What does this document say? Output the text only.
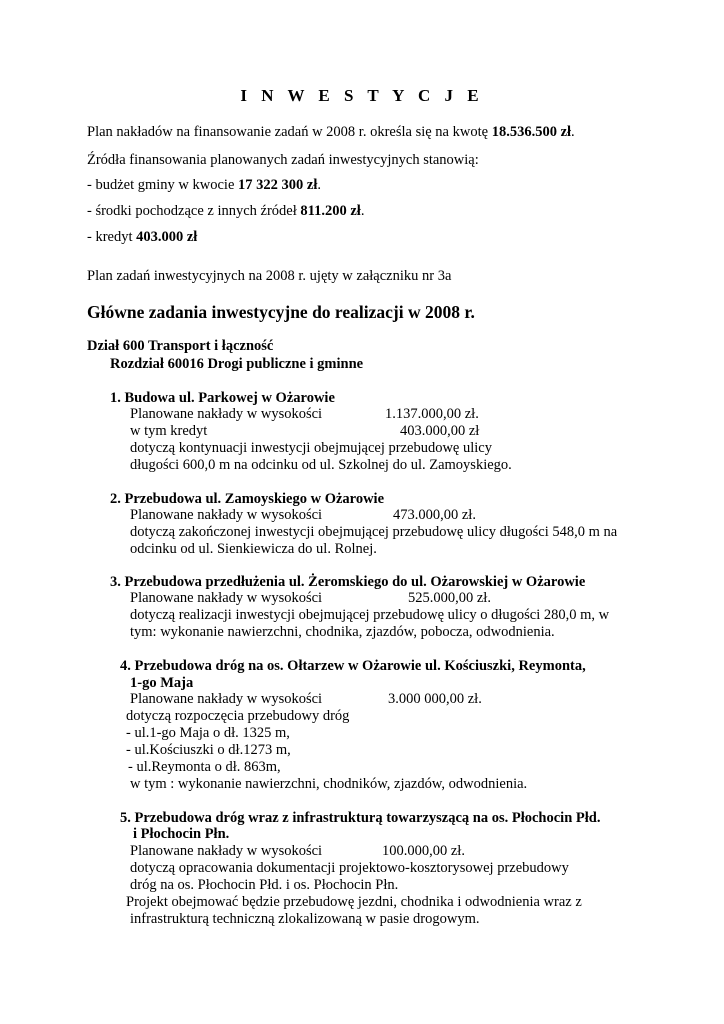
I N W E S T Y C J E
Plan nakładów na finansowanie zadań w 2008 r. określa się na kwotę 18.536.500 zł.
Źródła finansowania planowanych zadań inwestycyjnych stanowią:
- budżet gminy w kwocie 17 322 300 zł.
- środki pochodzące z innych źródeł 811.200 zł.
- kredyt 403.000 zł
Plan zadań inwestycyjnych na 2008 r. ujęty w załączniku nr 3a
Główne zadania inwestycyjne do realizacji w 2008 r.
Dział 600 Transport i łączność
Rozdział 60016 Drogi publiczne i gminne
1. Budowa ul. Parkowej w Ożarowie
Planowane nakłady w wysokości	1.137.000,00 zł.
w tym kredyt	403.000,00 zł
dotyczą kontynuacji inwestycji obejmującej przebudowę ulicy
długości 600,0 m na odcinku od ul. Szkolnej do ul. Zamoyskiego.
2. Przebudowa ul. Zamoyskiego w Ożarowie
Planowane nakłady w wysokości	473.000,00 zł.
dotyczą zakończonej inwestycji obejmującej przebudowę ulicy długości 548,0 m na
odcinku od ul. Sienkiewicza do ul. Rolnej.
3. Przebudowa przedłużenia ul. Żeromskiego do ul. Ożarowskiej w Ożarowie
Planowane nakłady w wysokości	525.000,00 zł.
dotyczą realizacji inwestycji obejmującej przebudowę ulicy o długości 280,0 m, w
tym: wykonanie nawierzchni, chodnika, zjazdów, pobocza, odwodnienia.
4. Przebudowa dróg na os. Ołtarzew w Ożarowie ul. Kościuszki, Reymonta,
1-go Maja
Planowane nakłady w wysokości	3.000 000,00 zł.
dotyczą rozpoczęcia przebudowy dróg
- ul.1-go Maja o dł. 1325 m,
- ul.Kościuszki o dł.1273 m,
- ul.Reymonta o dł. 863m,
w tym : wykonanie nawierzchni, chodników, zjazdów, odwodnienia.
5. Przebudowa dróg wraz z infrastrukturą towarzyszącą na os. Płochocin Płd.
i Płochocin Płn.
Planowane nakłady w wysokości	100.000,00 zł.
dotyczą opracowania dokumentacji projektowo-kosztorysowej przebudowy
dróg na os. Płochocin Płd. i os. Płochocin Płn.
Projekt obejmować będzie przebudowę jezdni, chodnika i odwodnienia wraz z
infrastrukturą techniczną zlokalizowaną w pasie drogowym.
